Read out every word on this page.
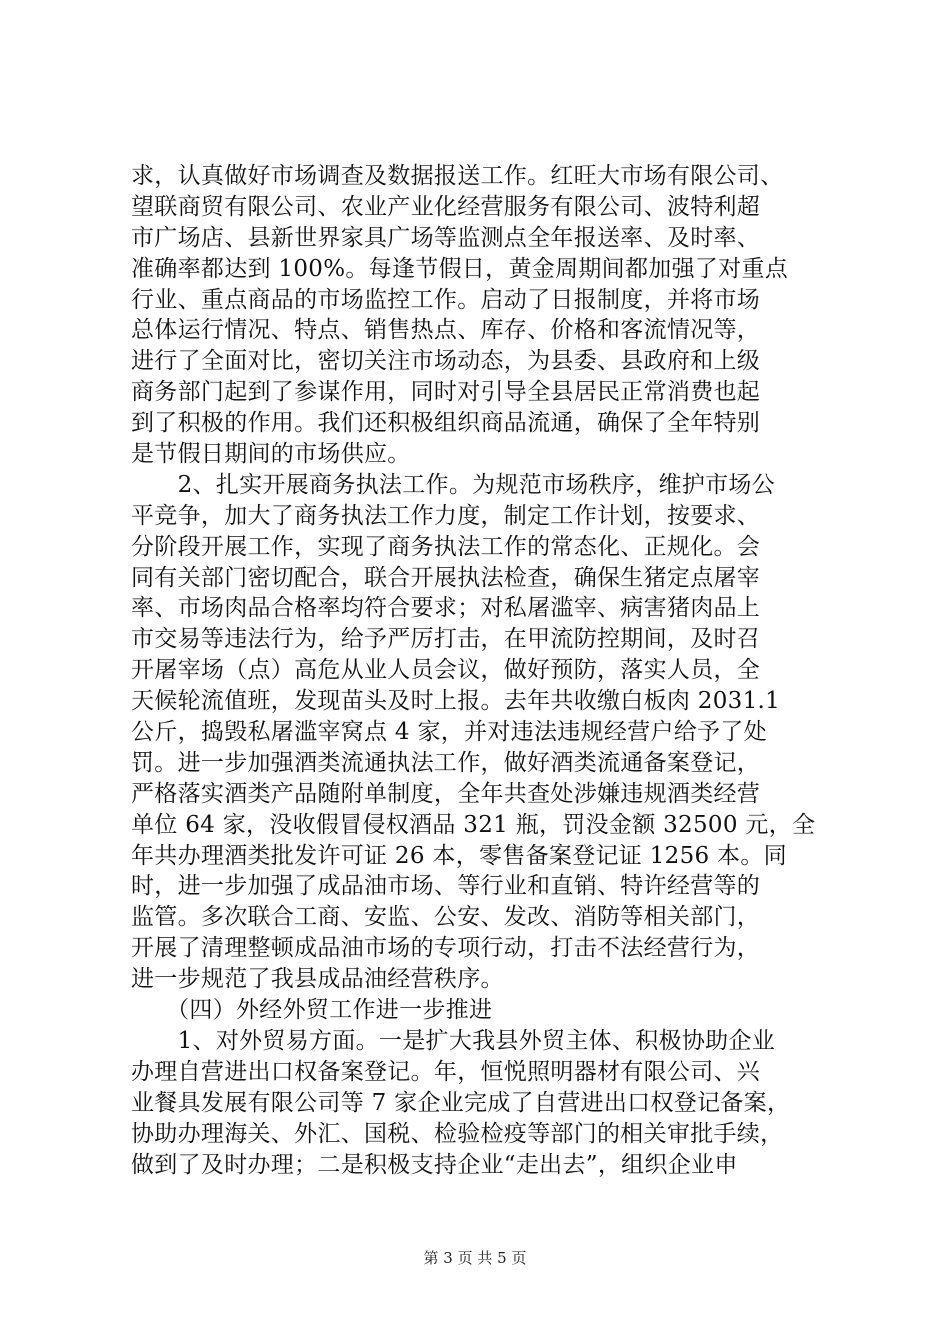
求，认真做好市场调查及数据报送工作。红旺大市场有限公司、
望联商贸有限公司、农业产业化经营服务有限公司、波特利超
市广场店、县新世界家具广场等监测点全年报送率、及时率、
准确率都达到 100%。每逢节假日，黄金周期间都加强了对重点
行业、重点商品的市场监控工作。启动了日报制度，并将市场
总体运行情况、特点、销售热点、库存、价格和客流情况等，
进行了全面对比，密切关注市场动态，为县委、县政府和上级
商务部门起到了参谋作用，同时对引导全县居民正常消费也起
到了积极的作用。我们还积极组织商品流通，确保了全年特别
是节假日期间的市场供应。
　　2、扎实开展商务执法工作。为规范市场秩序，维护市场公
平竞争，加大了商务执法工作力度，制定工作计划，按要求、
分阶段开展工作，实现了商务执法工作的常态化、正规化。会
同有关部门密切配合，联合开展执法检查，确保生猪定点屠宰
率、市场肉品合格率均符合要求；对私屠滥宰、病害猪肉品上
市交易等违法行为，给予严厉打击，在甲流防控期间，及时召
开屠宰场（点）高危从业人员会议，做好预防，落实人员，全
天候轮流值班，发现苗头及时上报。去年共收缴白板肉 2031.1
公斤，捣毁私屠滥宰窝点 4 家，并对违法违规经营户给予了处
罚。进一步加强酒类流通执法工作，做好酒类流通备案登记，
严格落实酒类产品随附单制度，全年共查处涉嫌违规酒类经营
单位 64 家，没收假冒侵权酒品 321 瓶，罚没金额 32500 元，全
年共办理酒类批发许可证 26 本，零售备案登记证 1256 本。同
时，进一步加强了成品油市场、等行业和直销、特许经营等的
监管。多次联合工商、安监、公安、发改、消防等相关部门，
开展了清理整顿成品油市场的专项行动，打击不法经营行为，
进一步规范了我县成品油经营秩序。
　　（四）外经外贸工作进一步推进
　　1、对外贸易方面。一是扩大我县外贸主体、积极协助企业
办理自营进出口权备案登记。年，恒悦照明器材有限公司、兴
业餐具发展有限公司等 7 家企业完成了自营进出口权登记备案，
协助办理海关、外汇、国税、检验检疫等部门的相关审批手续，
做到了及时办理；二是积极支持企业“走出去”，组织企业申
第 3 页 共 5 页
